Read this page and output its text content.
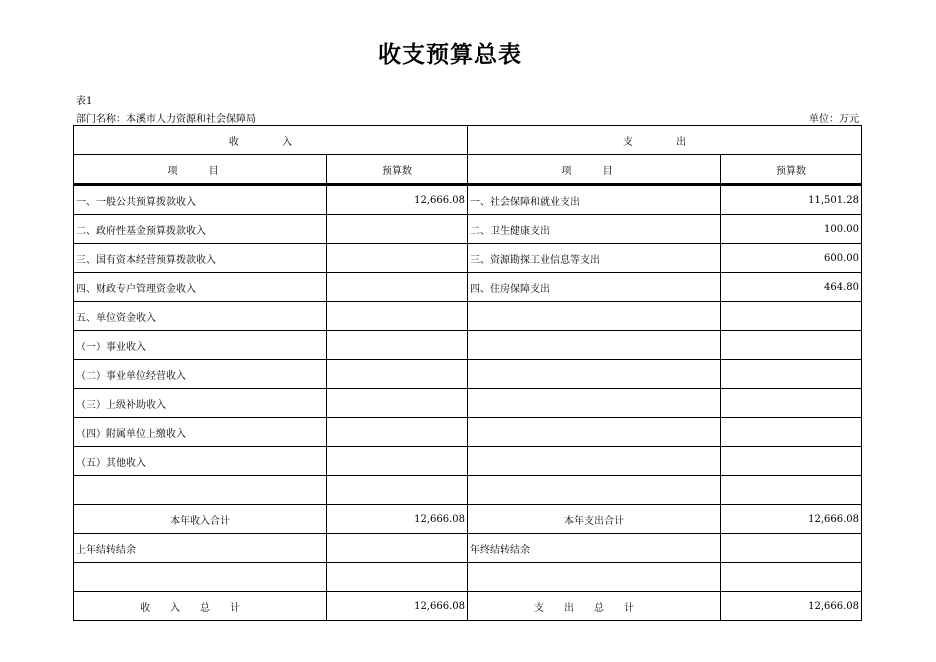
收支预算总表
表1
部门名称：本溪市人力资源和社会保障局	单位：万元
收 入		支 出	
项 目	预算数	项 目	预算数
一、一般公共预算拨款收入	12,666.08	一、社会保障和就业支出	11,501.28
二、政府性基金预算拨款收入		二、卫生健康支出	100.00
三、国有资本经营预算拨款收入		三、资源勘探工业信息等支出	600.00
四、财政专户管理资金收入		四、住房保障支出	464.80
五、单位资金收入			
（一）事业收入			
（二）事业单位经营收入			
（三）上级补助收入			
（四）附属单位上缴收入			
（五）其他收入			

本年收入合计	12,666.08	本年支出合计	12,666.08
上年结转结余		年终结转结余	

收入总计	12,666.08	支出总计	12,666.08
